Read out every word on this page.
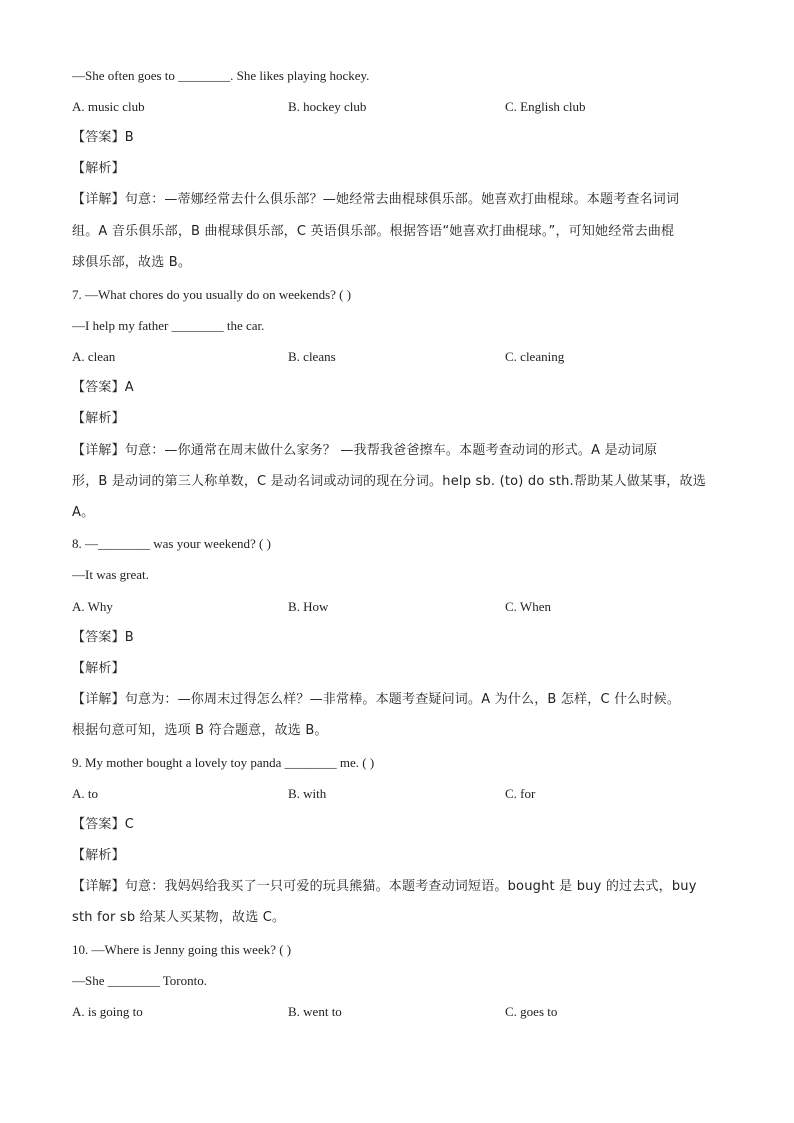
—She often goes to ________. She likes playing hockey.
A. music club	B. hockey club	C. English club
【答案】B
【解析】
【详解】句意：—蒂娜经常去什么俱乐部？—她经常去曲棍球俱乐部。她喜欢打曲棍球。本题考查名词词
组。A 音乐俱乐部，B 曲棍球俱乐部，C 英语俱乐部。根据答语“她喜欢打曲棍球。”，可知她经常去曲棍
球俱乐部，故选 B。
7. —What chores do you usually do on weekends? ( )
—I help my father ________ the car.
A. clean	B. cleans	C. cleaning
【答案】A
【解析】
【详解】句意：—你通常在周末做什么家务？ —我帮我爸爸擦车。本题考查动词的形式。A 是动词原
形，B 是动词的第三人称单数，C 是动名词或动词的现在分词。help sb. (to) do sth.帮助某人做某事，故选
A。
8. —________ was your weekend? ( )
—It was great.
A. Why	B. How	C. When
【答案】B
【解析】
【详解】句意为：—你周末过得怎么样？—非常棒。本题考查疑问词。A 为什么，B 怎样，C 什么时候。
根据句意可知，选项 B 符合题意，故选 B。
9. My mother bought a lovely toy panda ________ me. ( )
A. to	B. with	C. for
【答案】C
【解析】
【详解】句意：我妈妈给我买了一只可爱的玩具熊猫。本题考查动词短语。bought 是 buy 的过去式，buy
sth for sb 给某人买某物，故选 C。
10. —Where is Jenny going this week? ( )
—She ________ Toronto.
A. is going to	B. went to	C. goes to
